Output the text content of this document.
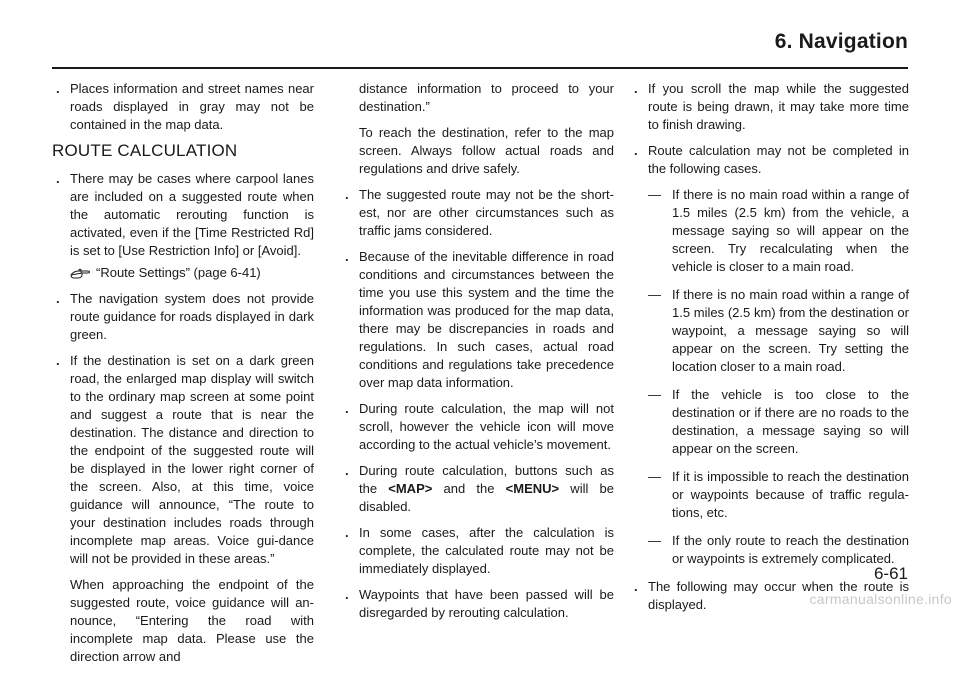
6. Navigation
. Places information and street names near roads displayed in gray may not be contained in the map data.
ROUTE CALCULATION
. There may be cases where carpool lanes are included on a suggested route when the automatic rerouting function is activated, even if the [Time Restricted Rd] is set to [Use Restriction Info] or [Avoid].
“Route Settings” (page 6-41)
. The navigation system does not provide route guidance for roads displayed in dark green.
. If the destination is set on a dark green road, the enlarged map display will switch to the ordinary map screen at some point and suggest a route that is near the destination. The distance and direction to the endpoint of the suggested route will be displayed in the lower right corner of the screen. Also, at this time, voice guidance will announce, “The route to your destination includes roads through incomplete map areas. Voice gui-dance will not be provided in these areas.”
When approaching the endpoint of the suggested route, voice guidance will an-nounce, “Entering the road with incomplete map data. Please use the direction arrow and
distance information to proceed to your destination.”
To reach the destination, refer to the map screen. Always follow actual roads and regulations and drive safely.
. The suggested route may not be the short-est, nor are other circumstances such as traffic jams considered.
. Because of the inevitable difference in road conditions and circumstances between the time you use this system and the time the information was produced for the map data, there may be discrepancies in roads and regulations. In such cases, actual road conditions and regulations take precedence over map data information.
. During route calculation, the map will not scroll, however the vehicle icon will move according to the actual vehicle’s movement.
. During route calculation, buttons such as the <MAP> and the <MENU> will be disabled.
. In some cases, after the calculation is complete, the calculated route may not be immediately displayed.
. Waypoints that have been passed will be disregarded by rerouting calculation.
. If you scroll the map while the suggested route is being drawn, it may take more time to finish drawing.
. Route calculation may not be completed in the following cases.
— If there is no main road within a range of 1.5 miles (2.5 km) from the vehicle, a message saying so will appear on the screen. Try recalculating when the vehicle is closer to a main road.
— If there is no main road within a range of 1.5 miles (2.5 km) from the destination or waypoint, a message saying so will appear on the screen. Try setting the location closer to a main road.
— If the vehicle is too close to the destination or if there are no roads to the destination, a message saying so will appear on the screen.
— If it is impossible to reach the destination or waypoints because of traffic regula-tions, etc.
— If the only route to reach the destination or waypoints is extremely complicated.
. The following may occur when the route is displayed.
6-61
carmanualsonline.info
